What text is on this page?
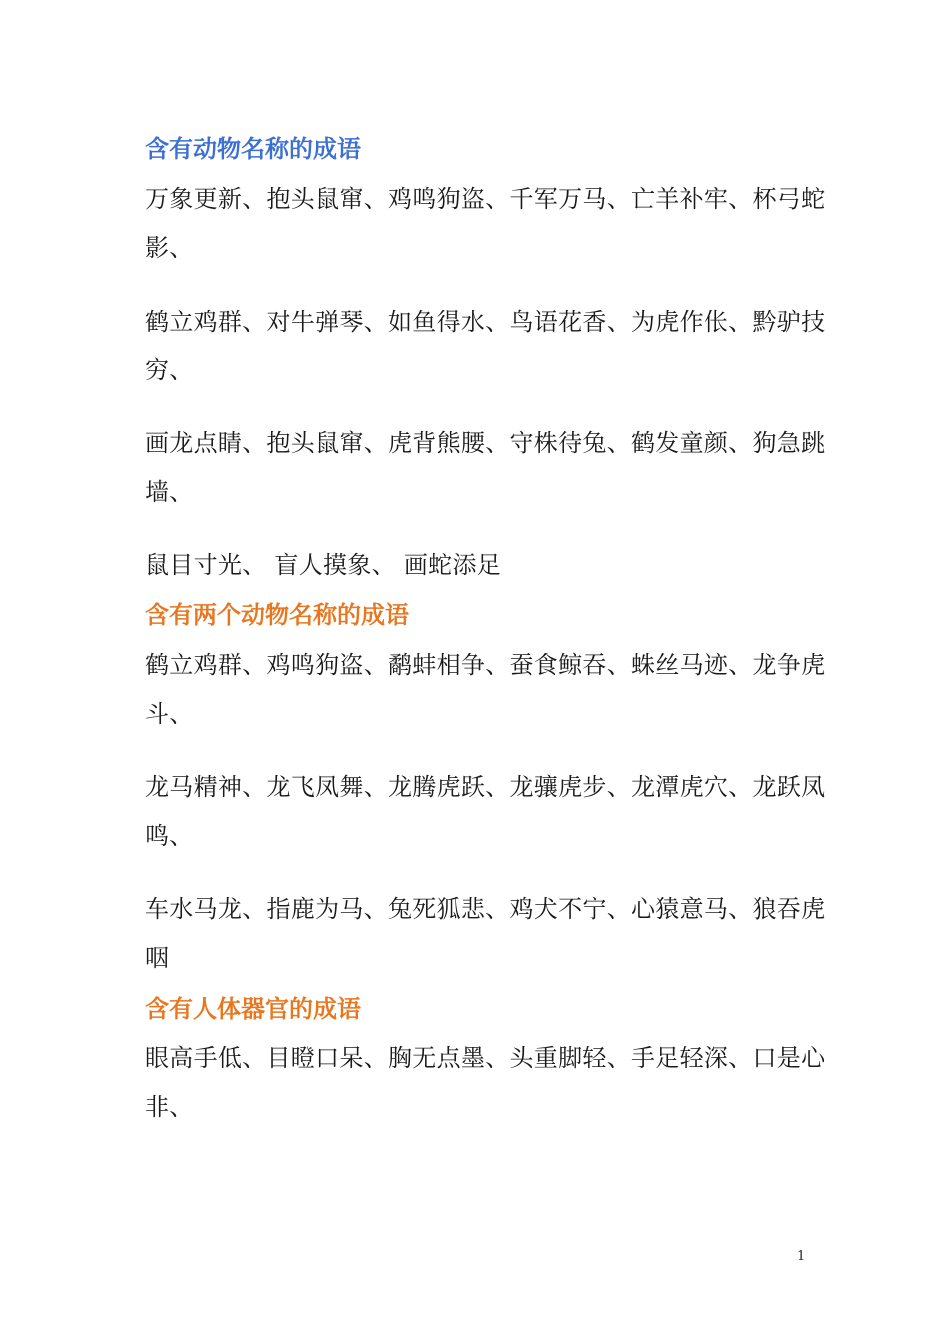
含有动物名称的成语
万象更新、抱头鼠窜、鸡鸣狗盗、千军万马、亡羊补牢、杯弓蛇
影、
鹤立鸡群、对牛弹琴、如鱼得水、鸟语花香、为虎作伥、黔驴技
穷、
画龙点睛、抱头鼠窜、虎背熊腰、守株待兔、鹤发童颜、狗急跳
墙、
鼠目寸光、 盲人摸象、 画蛇添足
含有两个动物名称的成语
鹤立鸡群、鸡鸣狗盗、鹬蚌相争、蚕食鲸吞、蛛丝马迹、龙争虎
斗、
龙马精神、龙飞凤舞、龙腾虎跃、龙骧虎步、龙潭虎穴、龙跃凤
鸣、
车水马龙、指鹿为马、兔死狐悲、鸡犬不宁、心猿意马、狼吞虎
咽
含有人体器官的成语
眼高手低、目瞪口呆、胸无点墨、头重脚轻、手足轻深、口是心
非、
1
